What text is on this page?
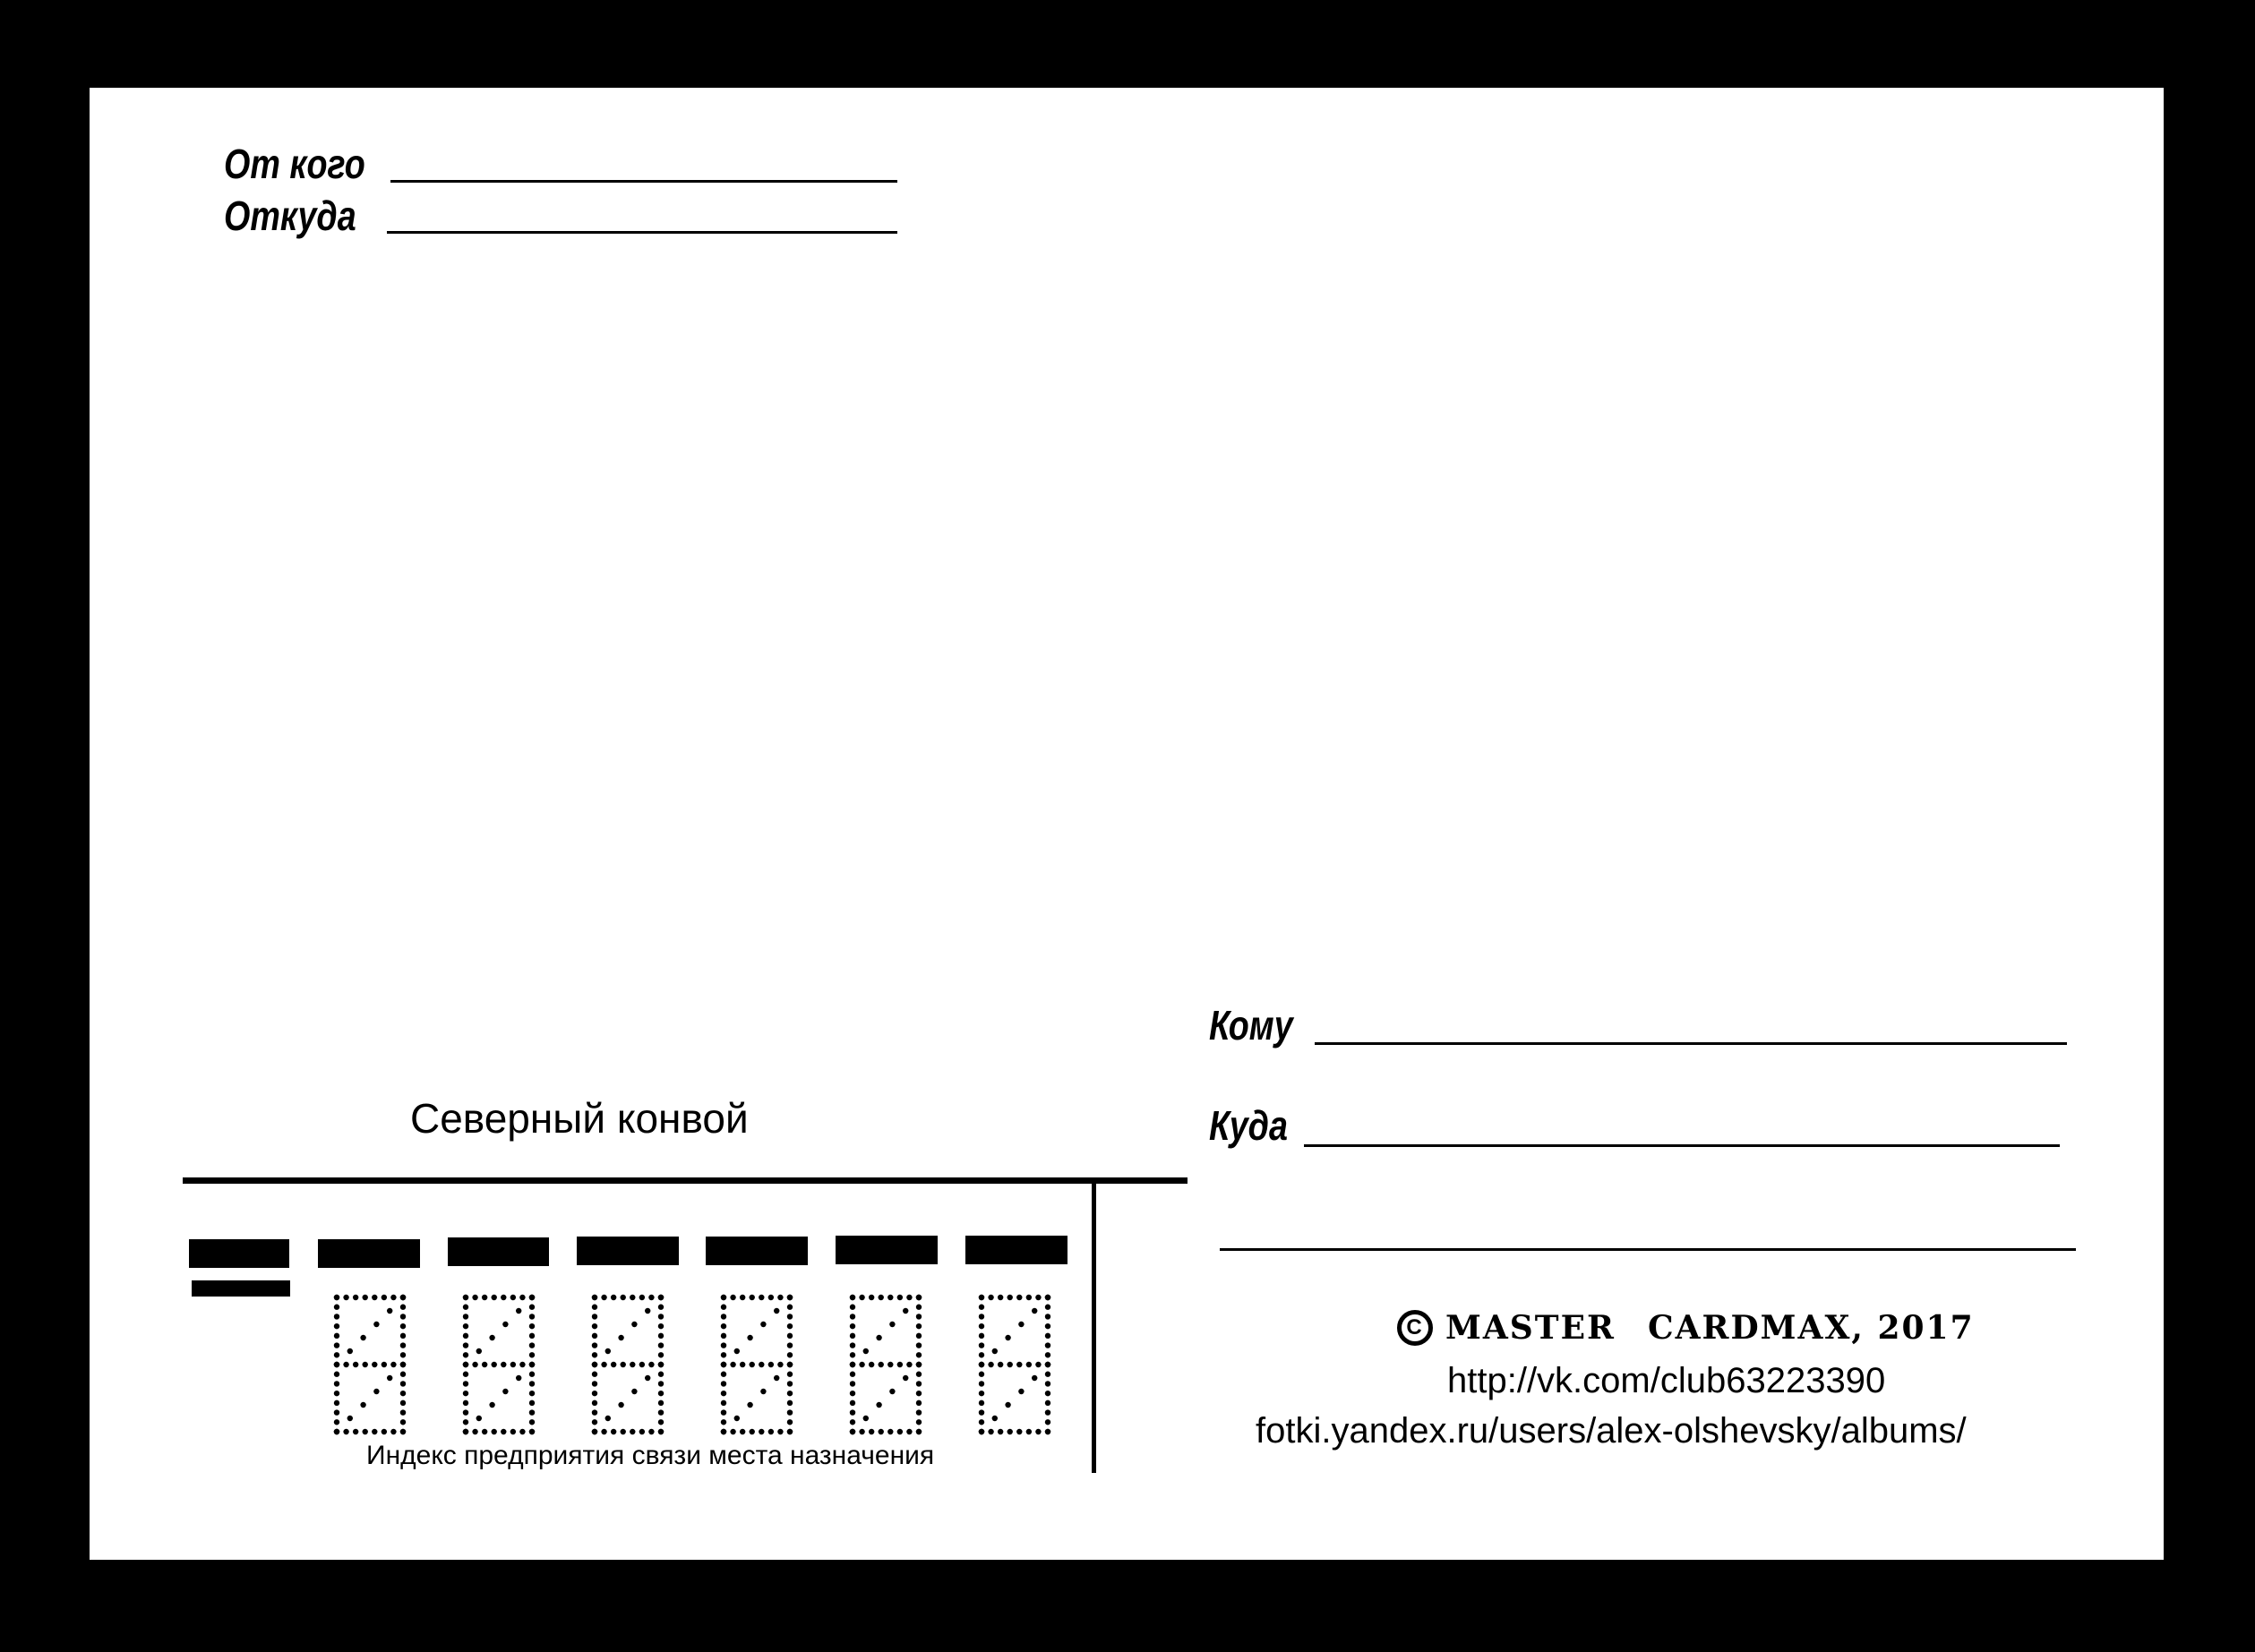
От кого
Откуда
Кому
Куда
Северный конвой
Индекс предприятия связи места назначения
C MASTER CARDMAX, 2017
http://vk.com/club63223390
fotki.yandex.ru/users/alex-olshevsky/albums/
